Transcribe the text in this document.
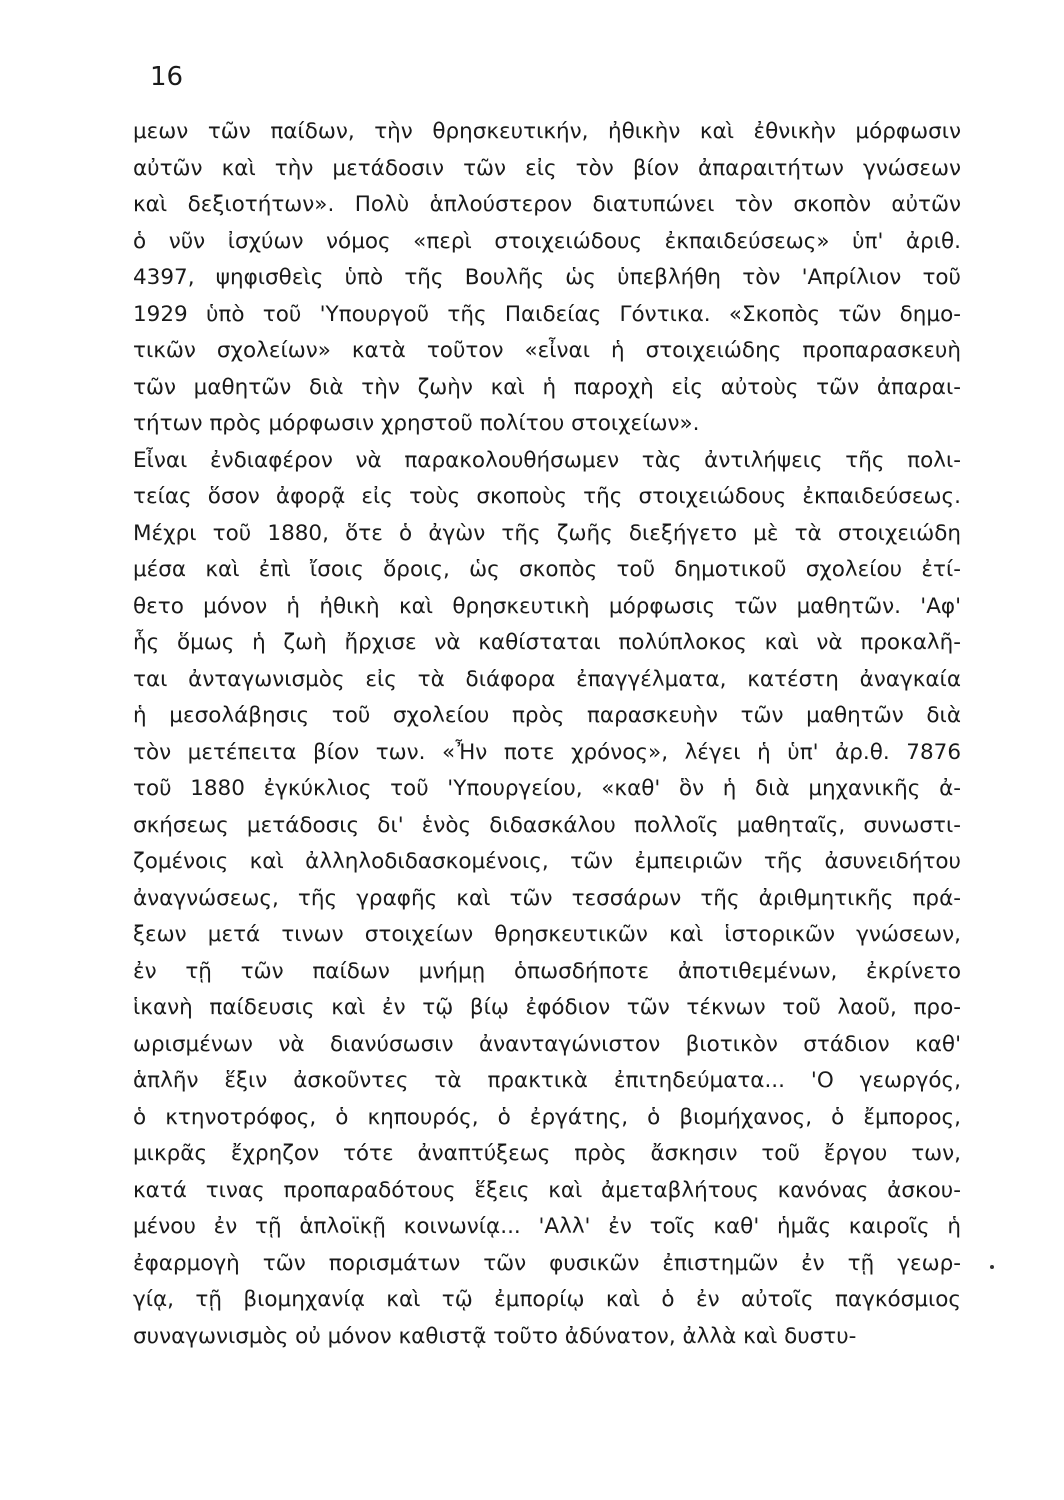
16
μεων τῶν παίδων, τὴν θρησκευτικήν, ἠθικὴν καὶ ἐθνικὴν μόρφωσιν
αὐτῶν καὶ τὴν μετάδοσιν τῶν εἰς τὸν βίον ἀπαραιτήτων γνώσεων
καὶ δεξιοτήτων». Πολὺ ἁπλούστερον διατυπώνει τὸν σκοπὸν αὐτῶν
ὁ νῦν ἰσχύων νόμος «περὶ στοιχειώδους ἐκπαιδεύσεως» ὑπ' ἀριθ.
4397, ψηφισθεὶς ὑπὸ τῆς Βουλῆς ὡς ὑπεβλήθη τὸν 'Απρίλιον τοῦ
1929 ὑπὸ τοῦ 'Υπουργοῦ τῆς Παιδείας Γόντικα. «Σκοπὸς τῶν δημο-
τικῶν σχολείων» κατὰ τοῦτον «εἶναι ἡ στοιχειώδης προπαρασκευὴ
τῶν μαθητῶν διὰ τὴν ζωὴν καὶ ἡ παροχὴ εἰς αὐτοὺς τῶν ἀπαραι-
τήτων πρὸς μόρφωσιν χρηστοῦ πολίτου στοιχείων».
Εἶναι ἐνδιαφέρον νὰ παρακολουθήσωμεν τὰς ἀντιλήψεις τῆς πολι-
τείας ὅσον ἀφορᾷ εἰς τοὺς σκοποὺς τῆς στοιχειώδους ἐκπαιδεύσεως.
Μέχρι τοῦ 1880, ὅτε ὁ ἀγὼν τῆς ζωῆς διεξήγετο μὲ τὰ στοιχειώδη
μέσα καὶ ἐπὶ ἴσοις ὅροις, ὡς σκοπὸς τοῦ δημοτικοῦ σχολείου ἐτί-
θετο μόνον ἡ ἠθικὴ καὶ θρησκευτικὴ μόρφωσις τῶν μαθητῶν. 'Αφ'
ἧς ὅμως ἡ ζωὴ ἤρχισε νὰ καθίσταται πολύπλοκος καὶ νὰ προκαλῆ-
ται ἀνταγωνισμὸς εἰς τὰ διάφορα ἐπαγγέλματα, κατέστη ἀναγκαία
ἡ μεσολάβησις τοῦ σχολείου πρὸς παρασκευὴν τῶν μαθητῶν διὰ
τὸν μετέπειτα βίον των. «Ἦν ποτε χρόνος», λέγει ἡ ὑπ' ἀρ.θ. 7876
τοῦ 1880 ἐγκύκλιος τοῦ 'Υπουργείου, «καθ' ὃν ἡ διὰ μηχανικῆς ἀ-
σκήσεως μετάδοσις δι' ἑνὸς διδασκάλου πολλοῖς μαθηταῖς, συνωστι-
ζομένοις καὶ ἀλληλοδιδασκομένοις, τῶν ἐμπειριῶν τῆς ἀσυνειδήτου
ἀναγνώσεως, τῆς γραφῆς καὶ τῶν τεσσάρων τῆς ἀριθμητικῆς πρά-
ξεων μετά τινων στοιχείων θρησκευτικῶν καὶ ἱστορικῶν γνώσεων,
ἐν τῇ τῶν παίδων μνήμῃ ὁπωσδήποτε ἀποτιθεμένων, ἐκρίνετο
ἱκανὴ παίδευσις καὶ ἐν τῷ βίῳ ἐφόδιον τῶν τέκνων τοῦ λαοῦ, προ-
ωρισμένων νὰ διανύσωσιν ἀνανταγώνιστον βιοτικὸν στάδιον καθ'
ἁπλῆν ἕξιν ἀσκοῦντες τὰ πρακτικὰ ἐπιτηδεύματα... 'Ο γεωργός,
ὁ κτηνοτρόφος, ὁ κηπουρός, ὁ ἐργάτης, ὁ βιομήχανος, ὁ ἔμπορος,
μικρᾶς ἔχρηζον τότε ἀναπτύξεως πρὸς ἄσκησιν τοῦ ἔργου των,
κατά τινας προπαραδότους ἕξεις καὶ ἀμεταβλήτους κανόνας ἀσκου-
μένου ἐν τῇ ἁπλοϊκῇ κοινωνίᾳ... 'Αλλ' ἐν τοῖς καθ' ἡμᾶς καιροῖς ἡ
ἐφαρμογὴ τῶν πορισμάτων τῶν φυσικῶν ἐπιστημῶν ἐν τῇ γεωρ-
γίᾳ, τῇ βιομηχανίᾳ καὶ τῷ ἐμπορίῳ καὶ ὁ ἐν αὐτοῖς παγκόσμιος
συναγωνισμὸς οὐ μόνον καθιστᾷ τοῦτο ἀδύνατον, ἀλλὰ καὶ δυστυ-
